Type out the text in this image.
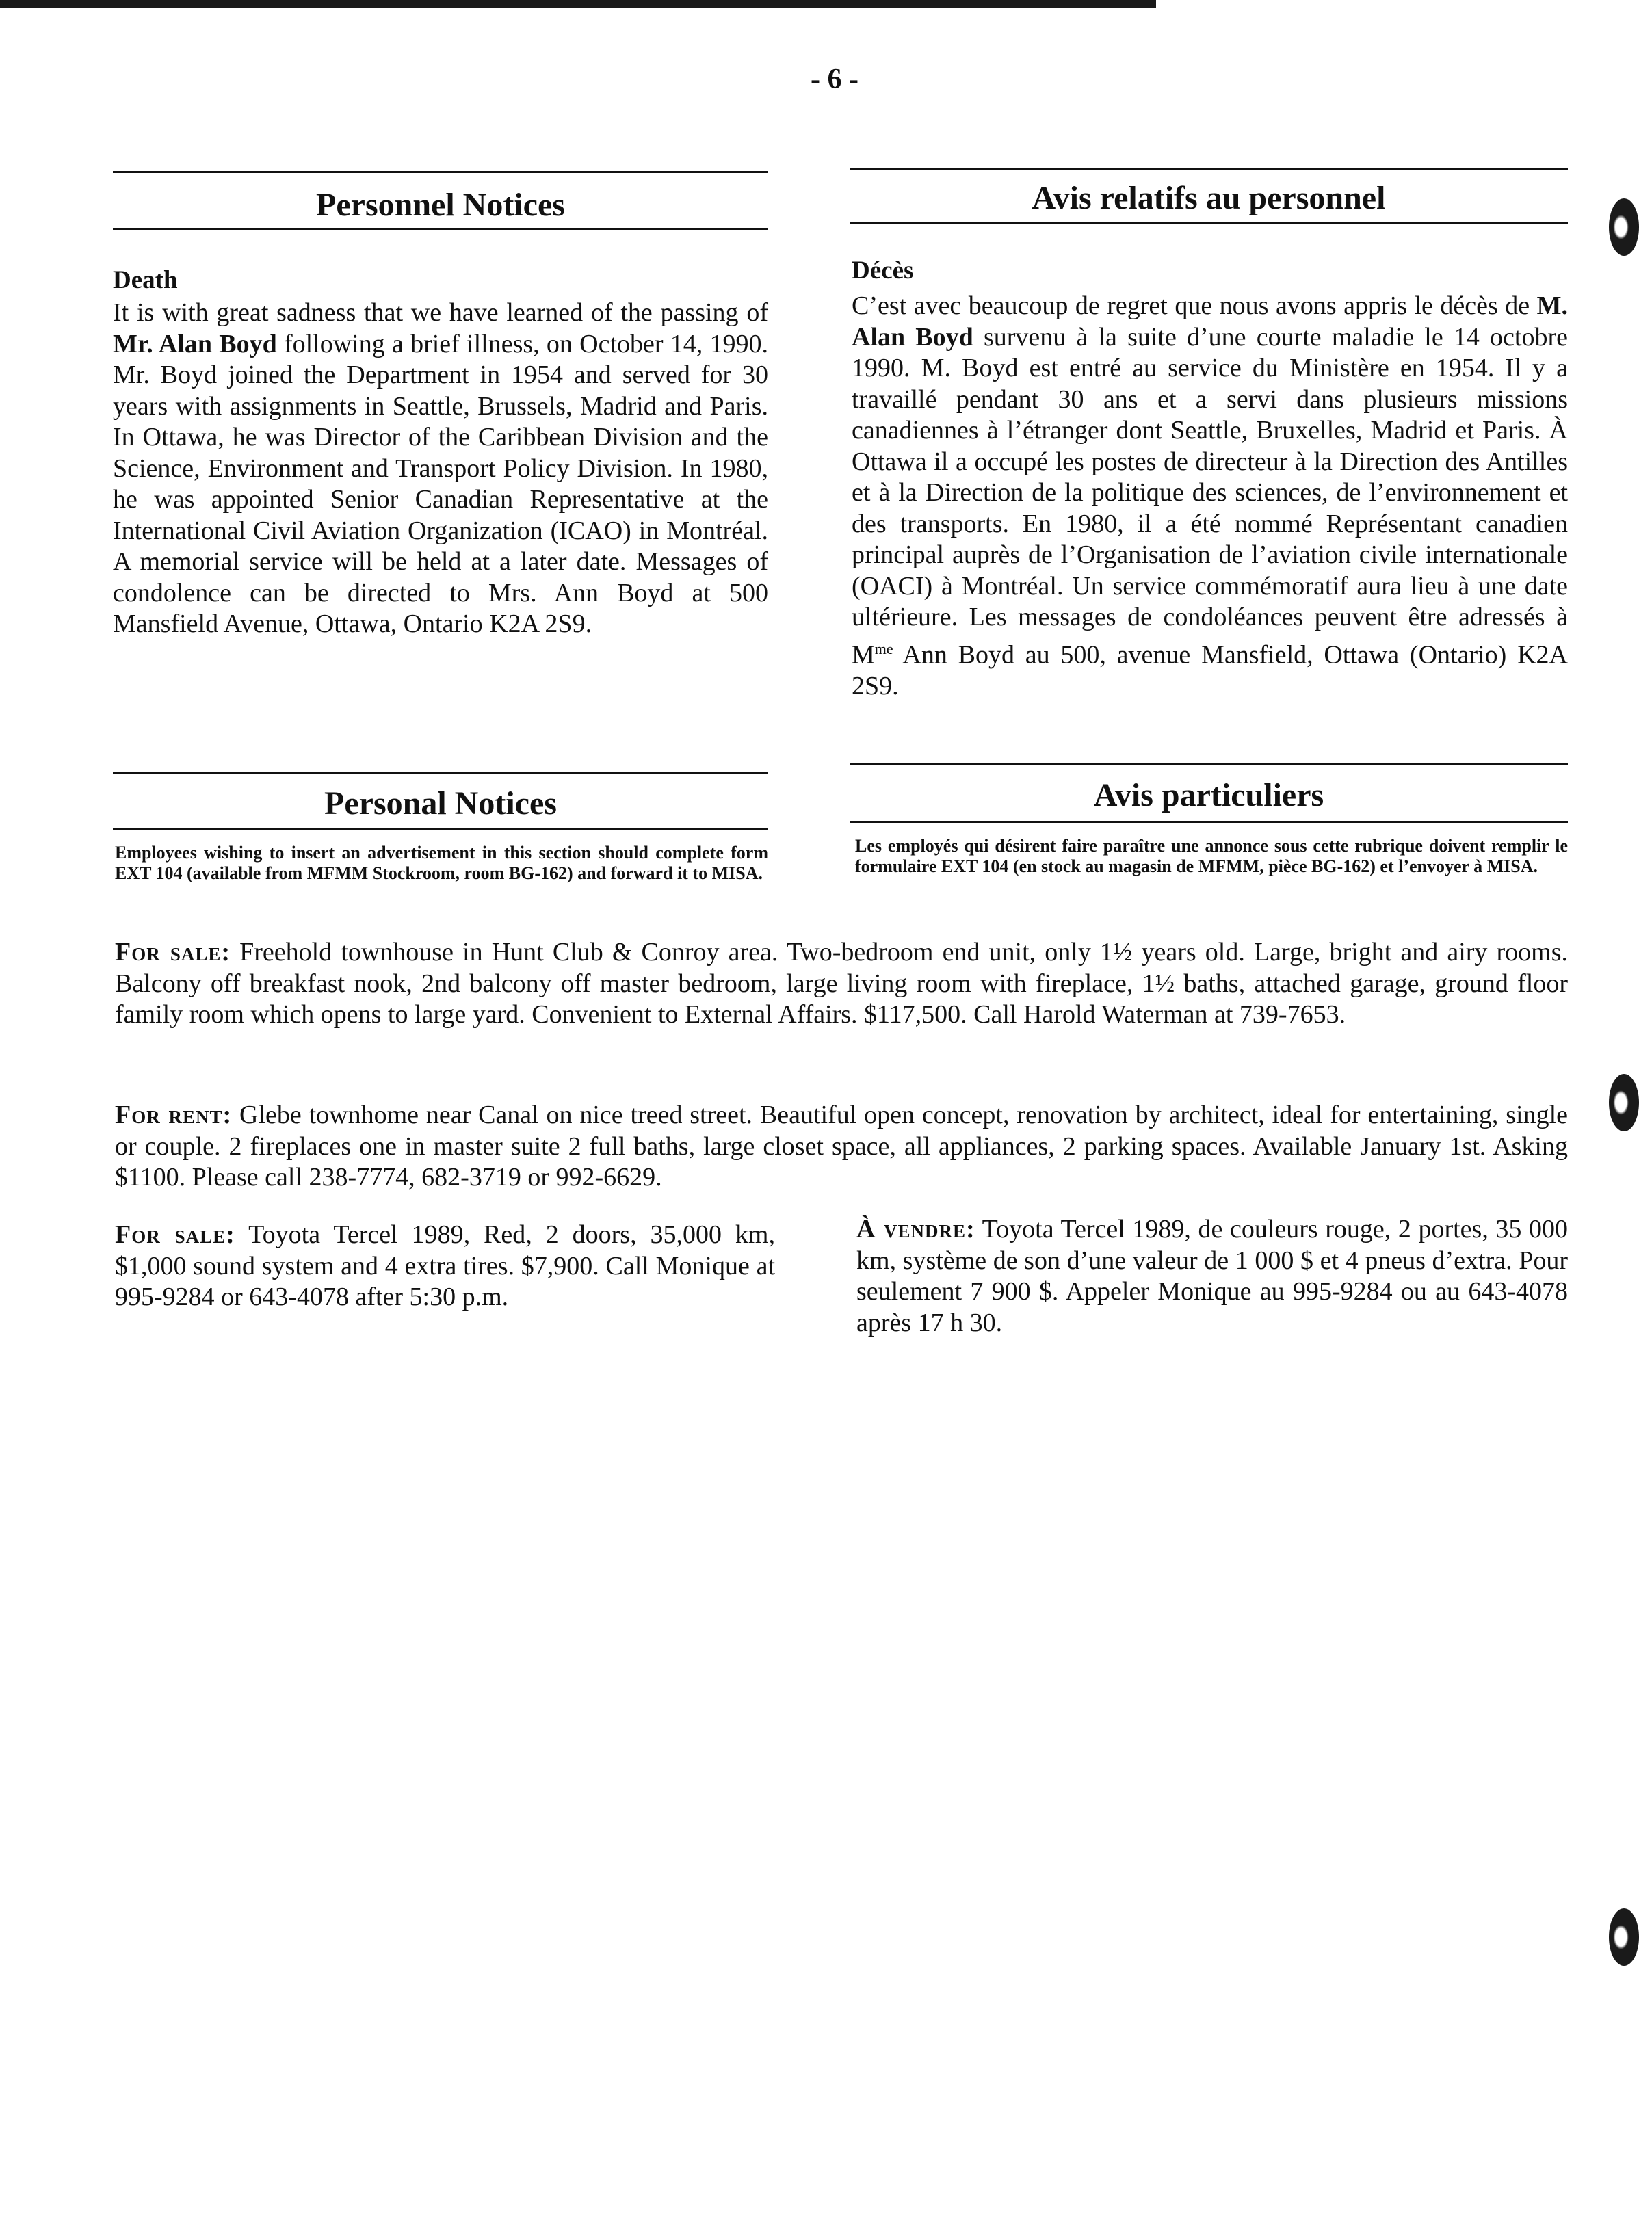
- 6 -
Personnel Notices
Death

It is with great sadness that we have learned of the passing of Mr. Alan Boyd following a brief illness, on October 14, 1990. Mr. Boyd joined the Department in 1954 and served for 30 years with assignments in Seattle, Brussels, Madrid and Paris. In Ottawa, he was Director of the Caribbean Division and the Science, Environment and Transport Policy Division. In 1980, he was appointed Senior Canadian Representative at the International Civil Aviation Organization (ICAO) in Montréal. A memorial service will be held at a later date. Messages of condolence can be directed to Mrs. Ann Boyd at 500 Mansfield Avenue, Ottawa, Ontario K2A 2S9.

Avis relatifs au personnel
Décès

C’est avec beaucoup de regret que nous avons appris le décès de M. Alan Boyd survenu à la suite d’une courte maladie le 14 octobre 1990. M. Boyd est entré au service du Ministère en 1954. Il y a travaillé pendant 30 ans et a servi dans plusieurs missions canadiennes à l’étranger dont Seattle, Bruxelles, Madrid et Paris. À Ottawa il a occupé les postes de directeur à la Direction des Antilles et à la Direction de la politique des sciences, de l’environnement et des transports. En 1980, il a été nommé Représentant canadien principal auprès de l’Organisation de l’aviation civile internationale (OACI) à Montréal. Un service commémoratif aura lieu à une date ultérieure. Les messages de condoléances peuvent être adressés à $M^{me}$ Ann Boyd au 500, avenue Mansfield, Ottawa (Ontario) K2A 2S9.

Personal Notices

Employees wishing to insert an advertisement in this section should complete form EXT 104 (available from MFMM Stockroom, room BG-162) and forward it to MISA.

Avis particuliers

Les employés qui désirent faire paraître une annonce sous cette rubrique doivent remplir le formulaire EXT 104 (en stock au magasin de MFMM, pièce BG-162) et l’envoyer à MISA.

For sale: Freehold townhouse in Hunt Club & Conroy area. Two-bedroom end unit, only 1½ years old. Large, bright and airy rooms. Balcony off breakfast nook, 2nd balcony off master bedroom, large living room with fireplace, 1½ baths, attached garage, ground floor family room which opens to large yard. Convenient to External Affairs. $117,500. Call Harold Waterman at 739-7653.

For rent: Glebe townhome near Canal on nice treed street. Beautiful open concept, renovation by architect, ideal for entertaining, single or couple. 2 fireplaces one in master suite 2 full baths, large closet space, all appliances, 2 parking spaces. Available January 1st. Asking $1100. Please call 238-7774, 682-3719 or 992-6629.

For sale: Toyota Tercel 1989, Red, 2 doors, 35,000 km, $1,000 sound system and 4 extra tires. $7,900. Call Monique at 995-9284 or 643-4078 after 5:30 p.m.

À vendre: Toyota Tercel 1989, de couleurs rouge, 2 portes, 35 000 km, système de son d’une valeur de 1 000 $ et 4 pneus d’extra. Pour seulement 7 900 $. Appeler Monique au 995-9284 ou au 643-4078 après 17 h 30.
